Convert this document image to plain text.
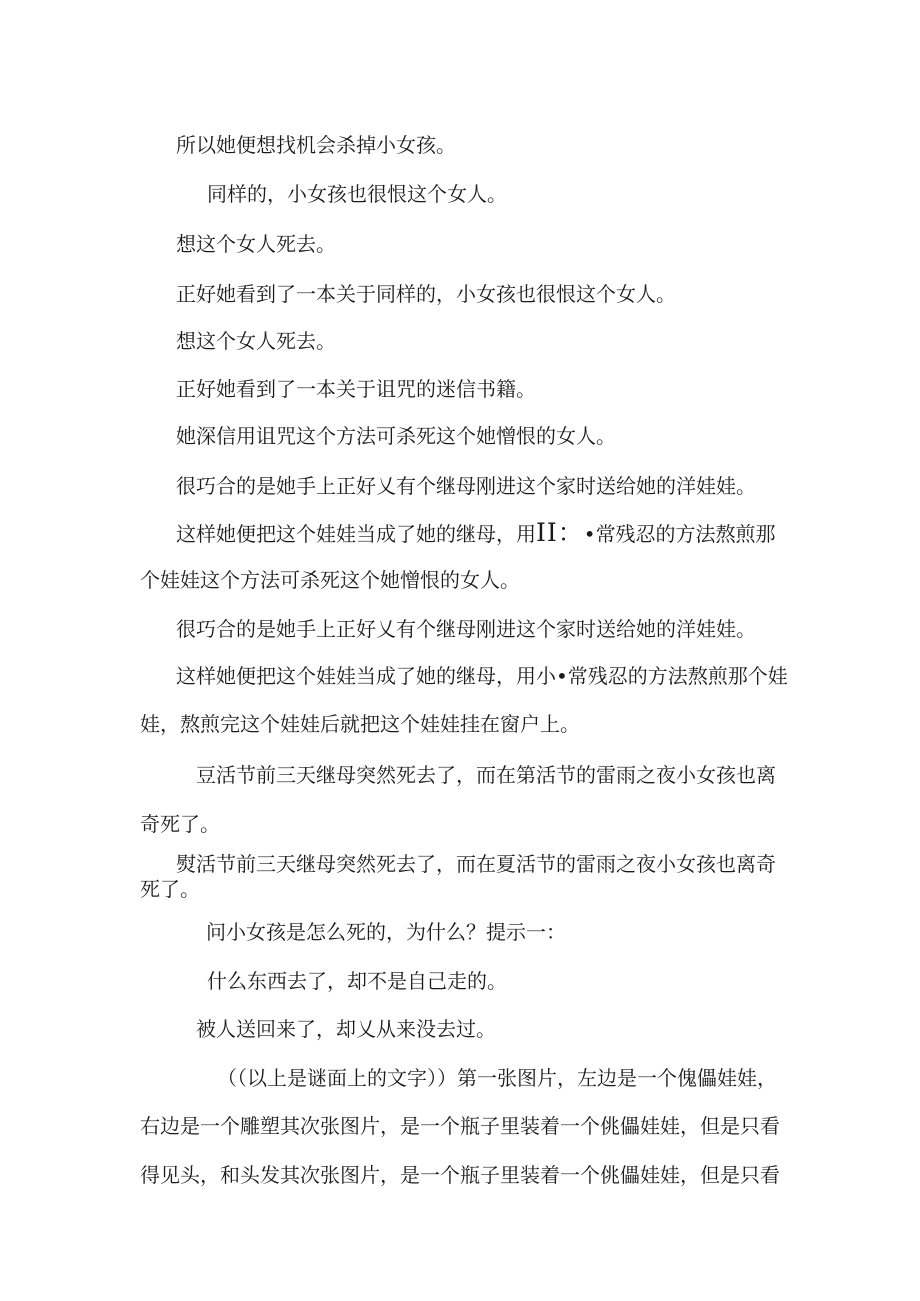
所以她便想找机会杀掉小女孩。

同样的，小女孩也很恨这个女人。

想这个女人死去。

正好她看到了一本关于同样的，小女孩也很恨这个女人。

想这个女人死去。

正好她看到了一本关于诅咒的迷信书籍。

她深信用诅咒这个方法可杀死这个她憎恨的女人。

很巧合的是她手上正好乂有个继母刚进这个家时送给她的洋娃娃。

这样她便把这个娃娃当成了她的继母，用II：•常残忍的方法熬煎那

个娃娃这个方法可杀死这个她憎恨的女人。

很巧合的是她手上正好乂有个继母刚进这个家时送给她的洋娃娃。

这样她便把这个娃娃当成了她的继母，用小•常残忍的方法熬煎那个娃

娃，熬煎完这个娃娃后就把这个娃娃挂在窗户上。

豆活节前三天继母突然死去了，而在第活节的雷雨之夜小女孩也离

奇死了。

熨活节前三天继母突然死去了，而在夏活节的雷雨之夜小女孩也离奇

死了。

问小女孩是怎么死的，为什么？提示一：

什么东西去了，却不是自己走的。

被人送回来了，却乂从来没去过。

（（以上是谜面上的文字））第一张图片，左边是一个傀儡娃娃，

右边是一个雕塑其次张图片，是一个瓶子里装着一个佻儡娃娃，但是只看

得见头，和头发其次张图片，是一个瓶子里装着一个佻儡娃娃，但是只看
